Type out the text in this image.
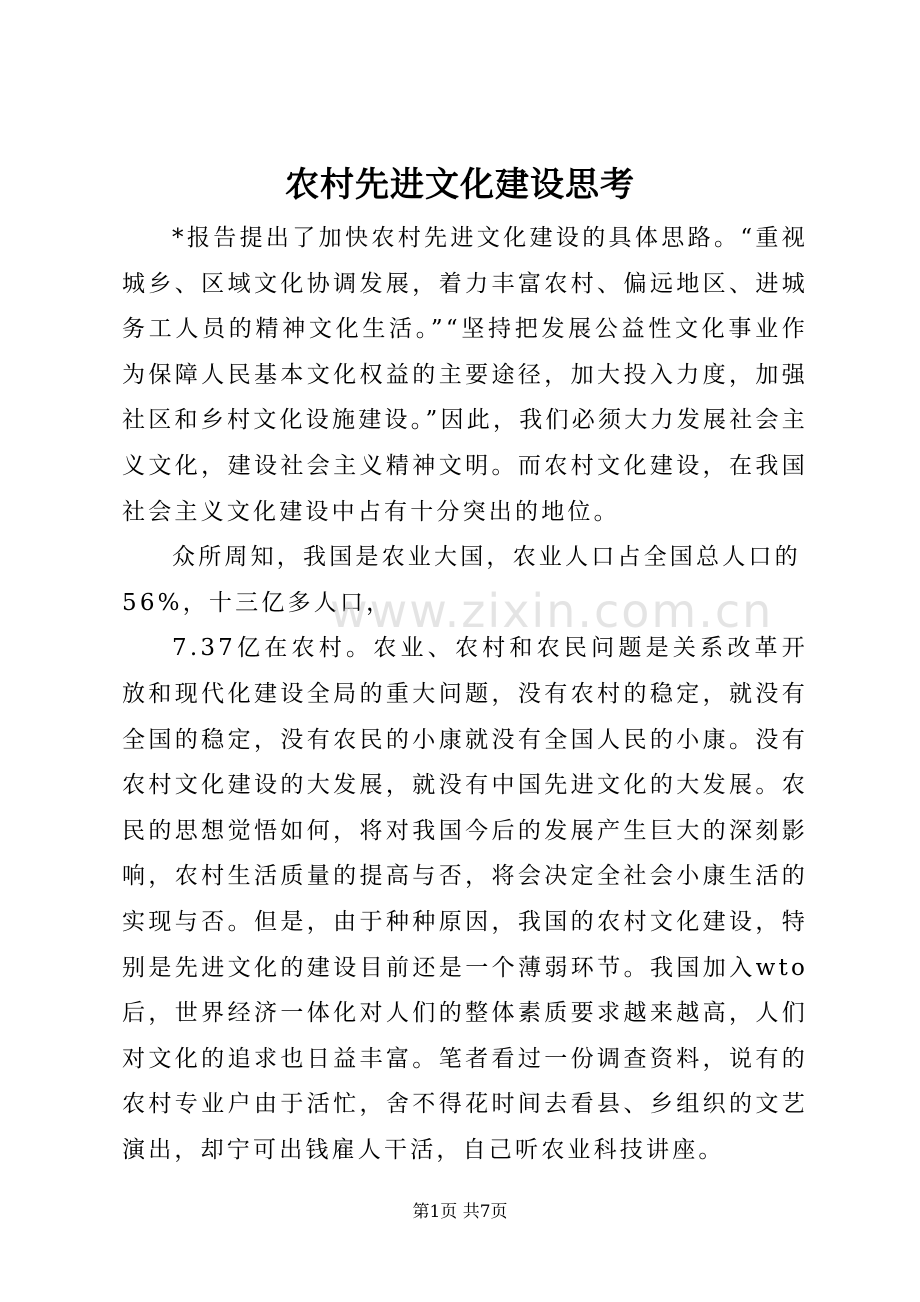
农村先进文化建设思考

*报告提出了加快农村先进文化建设的具体思路。“重视城乡、区域文化协调发展，着力丰富农村、偏远地区、进城务工人员的精神文化生活。”“坚持把发展公益性文化事业作为保障人民基本文化权益的主要途径，加大投入力度，加强社区和乡村文化设施建设。”因此，我们必须大力发展社会主义文化，建设社会主义精神文明。而农村文化建设，在我国社会主义文化建设中占有十分突出的地位。

众所周知，我国是农业大国，农业人口占全国总人口的

56%，十三亿多人口，

7.37亿在农村。农业、农村和农民问题是关系改革开放和现代化建设全局的重大问题，没有农村的稳定，就没有全国的稳定，没有农民的小康就没有全国人民的小康。没有农村文化建设的大发展，就没有中国先进文化的大发展。农民的思想觉悟如何，将对我国今后的发展产生巨大的深刻影响，农村生活质量的提高与否，将会决定全社会小康生活的实现与否。但是，由于种种原因，我国的农村文化建设，特别是先进文化的建设目前还是一个薄弱环节。我国加入wto后，世界经济一体化对人们的整体素质要求越来越高，人们对文化的追求也日益丰富。笔者看过一份调查资料，说有的农村专业户由于活忙，舍不得花时间去看县、乡组织的文艺演出，却宁可出钱雇人干活，自己听农业科技讲座。

www.zixin.com.cn
第1页 共7页
